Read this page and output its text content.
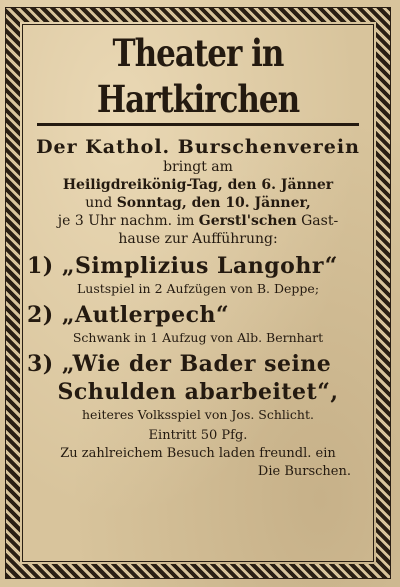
Theater in Hartkirchen
Der Kathol. Burschenverein
bringt am
Heiligdreikönig-Tag, den 6. Jänner
und Sonntag, den 10. Jänner,
je 3 Uhr nachm. im Gerstl'schen Gast-
hause zur Aufführung:
1) „Simplizius Langohr“
Lustspiel in 2 Aufzügen von B. Deppe;
2) „Autlerpech“
Schwank in 1 Aufzug von Alb. Bernhart
3) „Wie der Bader seine
Schulden abarbeitet“,
heiteres Volksspiel von Jos. Schlicht.
Eintritt 50 Pfg.
Zu zahlreichem Besuch laden freundl. ein
Die Burschen.
